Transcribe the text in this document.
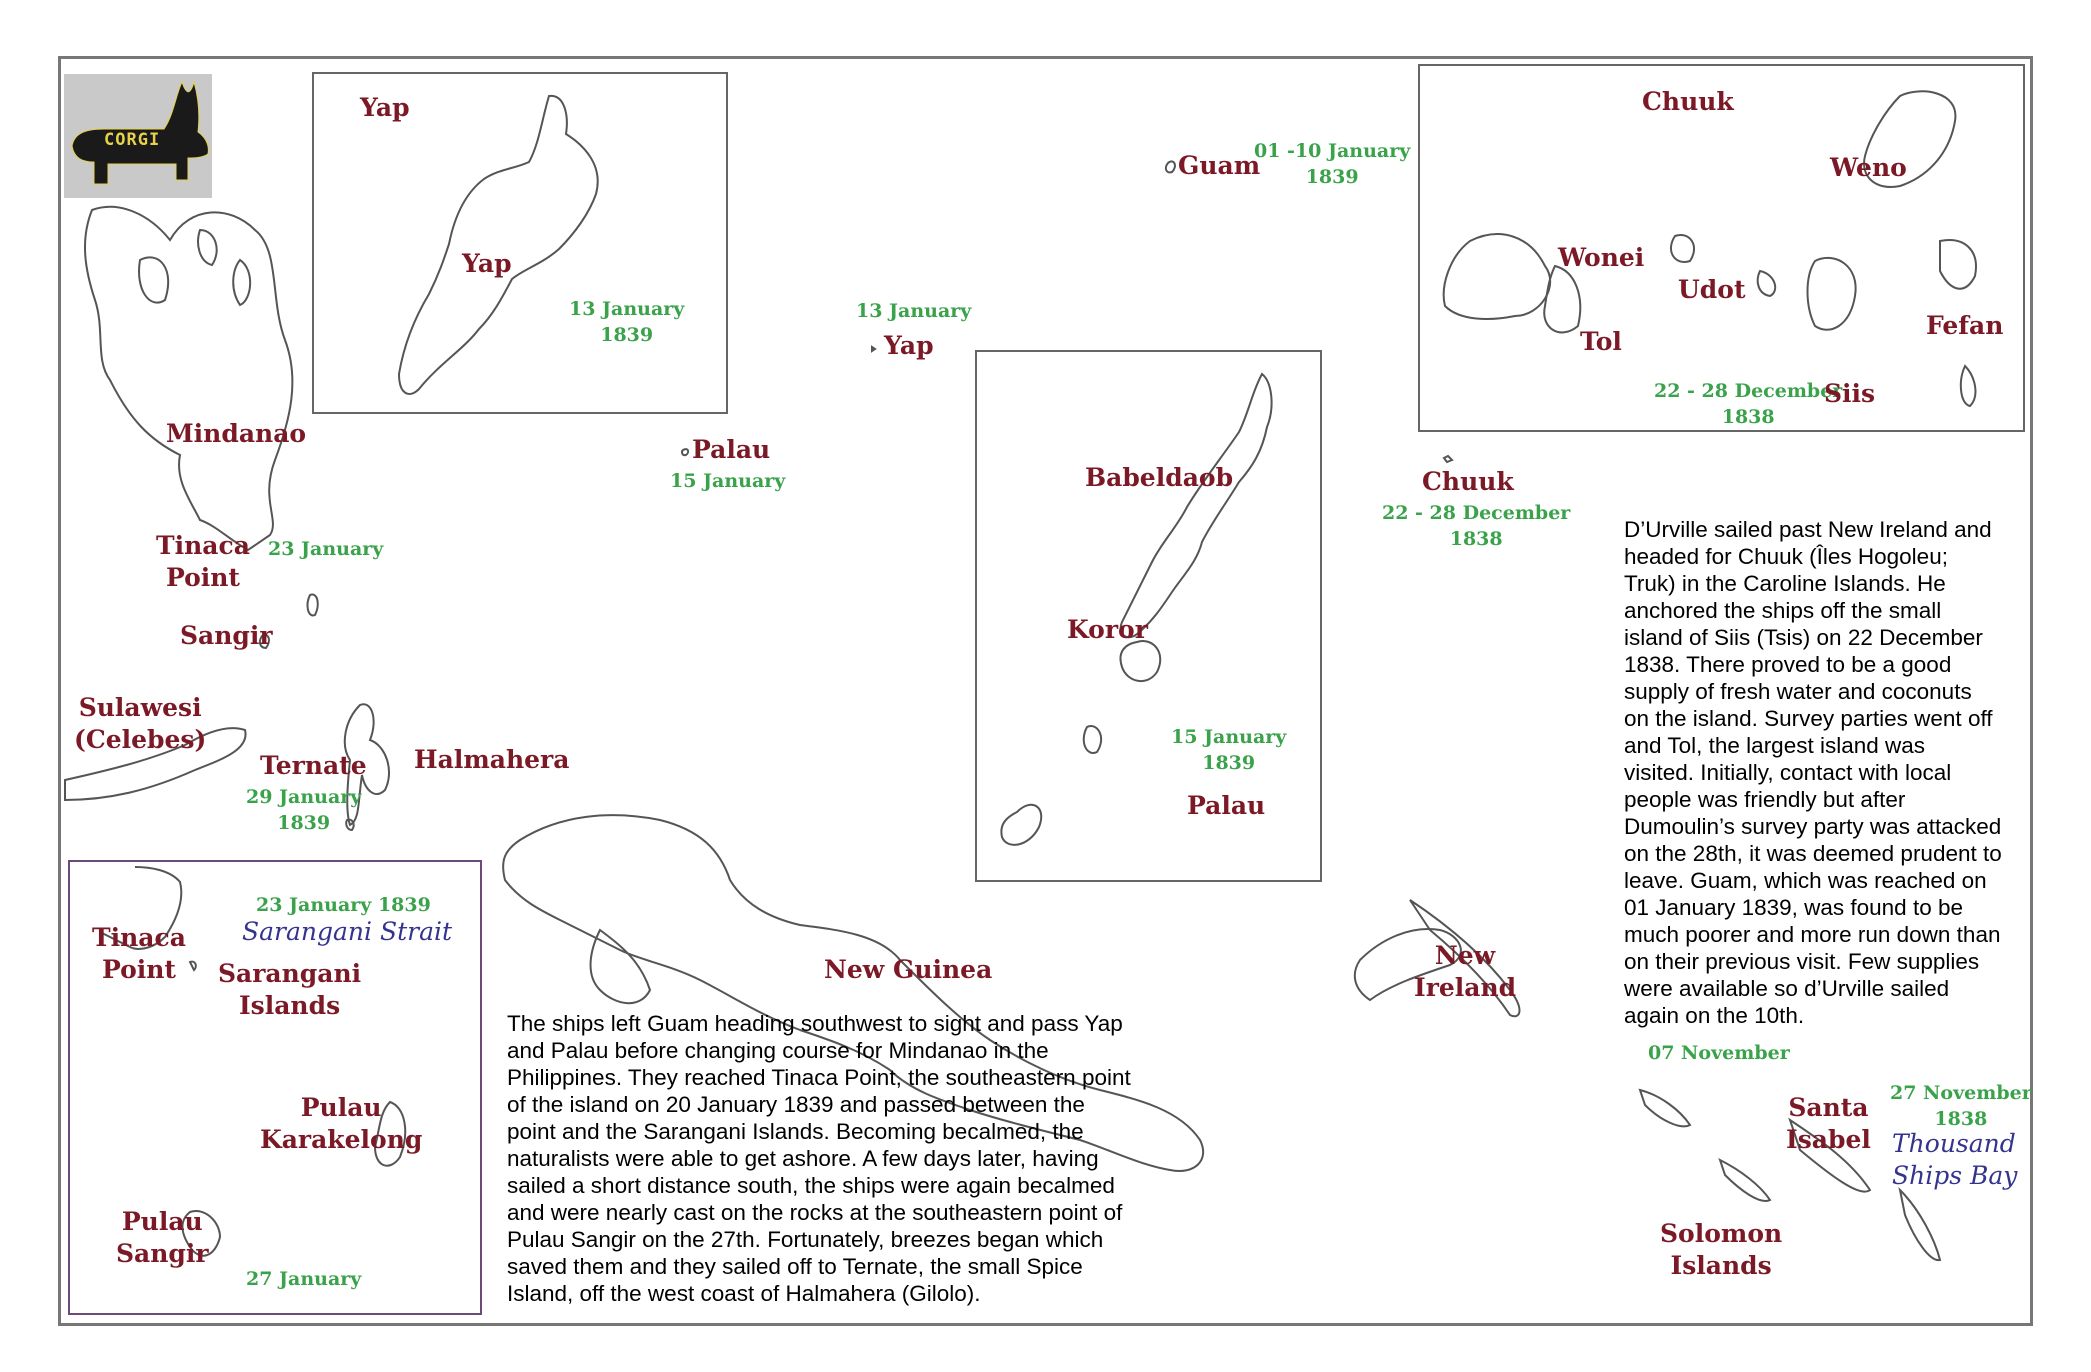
CORGI
Yap
Yap
13 January
1839
Babeldaob
Koror
15 January
1839
Palau
Chuuk
Weno
Wonei
Udot
Tol
Fefan
22 - 28 December
1838
Siis
23 January 1839
Sarangani Strait
Tinaca
Point	Sarangani
Islands
Pulau
Karakelong
Pulau
Sangir
27 January
Mindanao
Tinaca
Point
23 January
Sangir
Sulawesi
(Celebes)
Ternate
29 January
1839
Halmahera
Palau
15 January
13 January
Yap
Guam
01 -10 January
1839
Chuuk
22 - 28 December
1838
New Guinea	New
Ireland
07 November
27 November
1838
Santa
Isabel Thousand
Ships Bay
Solomon
Islands
D’Urville sailed past New Ireland and
headed for Chuuk (Îles Hogoleu;
Truk) in the Caroline Islands. He
anchored the ships off the small
island of Siis (Tsis) on 22 December
1838. There proved to be a good
supply of fresh water and coconuts
on the island. Survey parties went off
and Tol, the largest island was
visited. Initially, contact with local
people was friendly but after
Dumoulin’s survey party was attacked
on the 28th, it was deemed prudent to
leave. Guam, which was reached on
01 January 1839, was found to be
much poorer and more run down than
on their previous visit. Few supplies
were available so d’Urville sailed
again on the 10th.
The ships left Guam heading southwest to sight and pass Yap
and Palau before changing course for Mindanao in the
Philippines. They reached Tinaca Point, the southeastern point
of the island on 20 January 1839 and passed between the
point and the Sarangani Islands. Becoming becalmed, the
naturalists were able to get ashore. A few days later, having
sailed a short distance south, the ships were again becalmed
and were nearly cast on the rocks at the southeastern point of
Pulau Sangir on the 27th. Fortunately, breezes began which
saved them and they sailed off to Ternate, the small Spice
Island, off the west coast of Halmahera (Gilolo).
